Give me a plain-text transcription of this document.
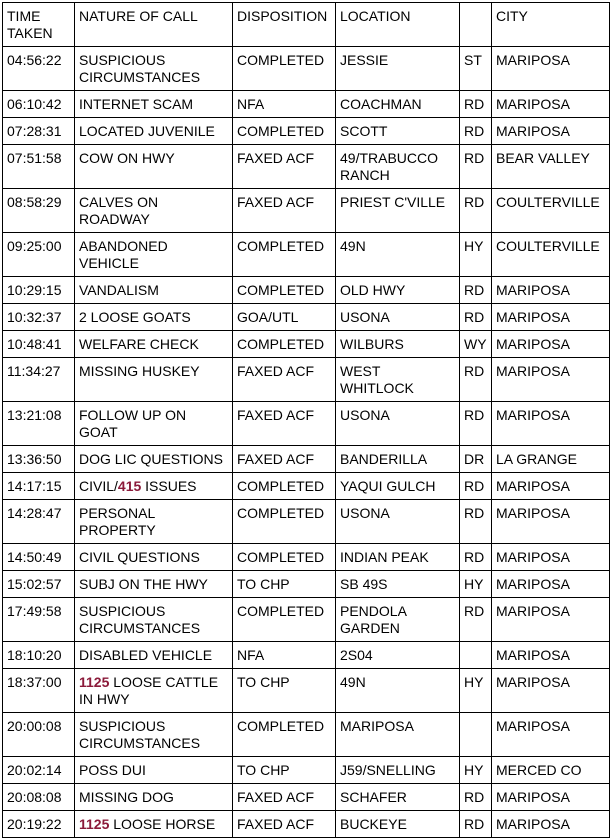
TIME TAKEN	NATURE OF CALL	DISPOSITION	LOCATION		CITY
04:56:22	SUSPICIOUS CIRCUMSTANCES	COMPLETED	JESSIE	ST	MARIPOSA
06:10:42	INTERNET SCAM	NFA	COACHMAN	RD	MARIPOSA
07:28:31	LOCATED JUVENILE	COMPLETED	SCOTT	RD	MARIPOSA
07:51:58	COW ON HWY	FAXED ACF	49/TRABUCCO RANCH	RD	BEAR VALLEY
08:58:29	CALVES ON ROADWAY	FAXED ACF	PRIEST C'VILLE	RD	COULTERVILLE
09:25:00	ABANDONED VEHICLE	COMPLETED	49N	HY	COULTERVILLE
10:29:15	VANDALISM	COMPLETED	OLD HWY	RD	MARIPOSA
10:32:37	2 LOOSE GOATS	GOA/UTL	USONA	RD	MARIPOSA
10:48:41	WELFARE CHECK	COMPLETED	WILBURS	WY	MARIPOSA
11:34:27	MISSING HUSKEY	FAXED ACF	WEST WHITLOCK	RD	MARIPOSA
13:21:08	FOLLOW UP ON GOAT	FAXED ACF	USONA	RD	MARIPOSA
13:36:50	DOG LIC QUESTIONS	FAXED ACF	BANDERILLA	DR	LA GRANGE
14:17:15	CIVIL/415 ISSUES	COMPLETED	YAQUI GULCH	RD	MARIPOSA
14:28:47	PERSONAL PROPERTY	COMPLETED	USONA	RD	MARIPOSA
14:50:49	CIVIL QUESTIONS	COMPLETED	INDIAN PEAK	RD	MARIPOSA
15:02:57	SUBJ ON THE HWY	TO CHP	SB 49S	HY	MARIPOSA
17:49:58	SUSPICIOUS CIRCUMSTANCES	COMPLETED	PENDOLA GARDEN	RD	MARIPOSA
18:10:20	DISABLED VEHICLE	NFA	2S04		MARIPOSA
18:37:00	1125 LOOSE CATTLE IN HWY	TO CHP	49N	HY	MARIPOSA
20:00:08	SUSPICIOUS CIRCUMSTANCES	COMPLETED	MARIPOSA		MARIPOSA
20:02:14	POSS DUI	TO CHP	J59/SNELLING	HY	MERCED CO
20:08:08	MISSING DOG	FAXED ACF	SCHAFER	RD	MARIPOSA
20:19:22	1125 LOOSE HORSE	FAXED ACF	BUCKEYE	RD	MARIPOSA
